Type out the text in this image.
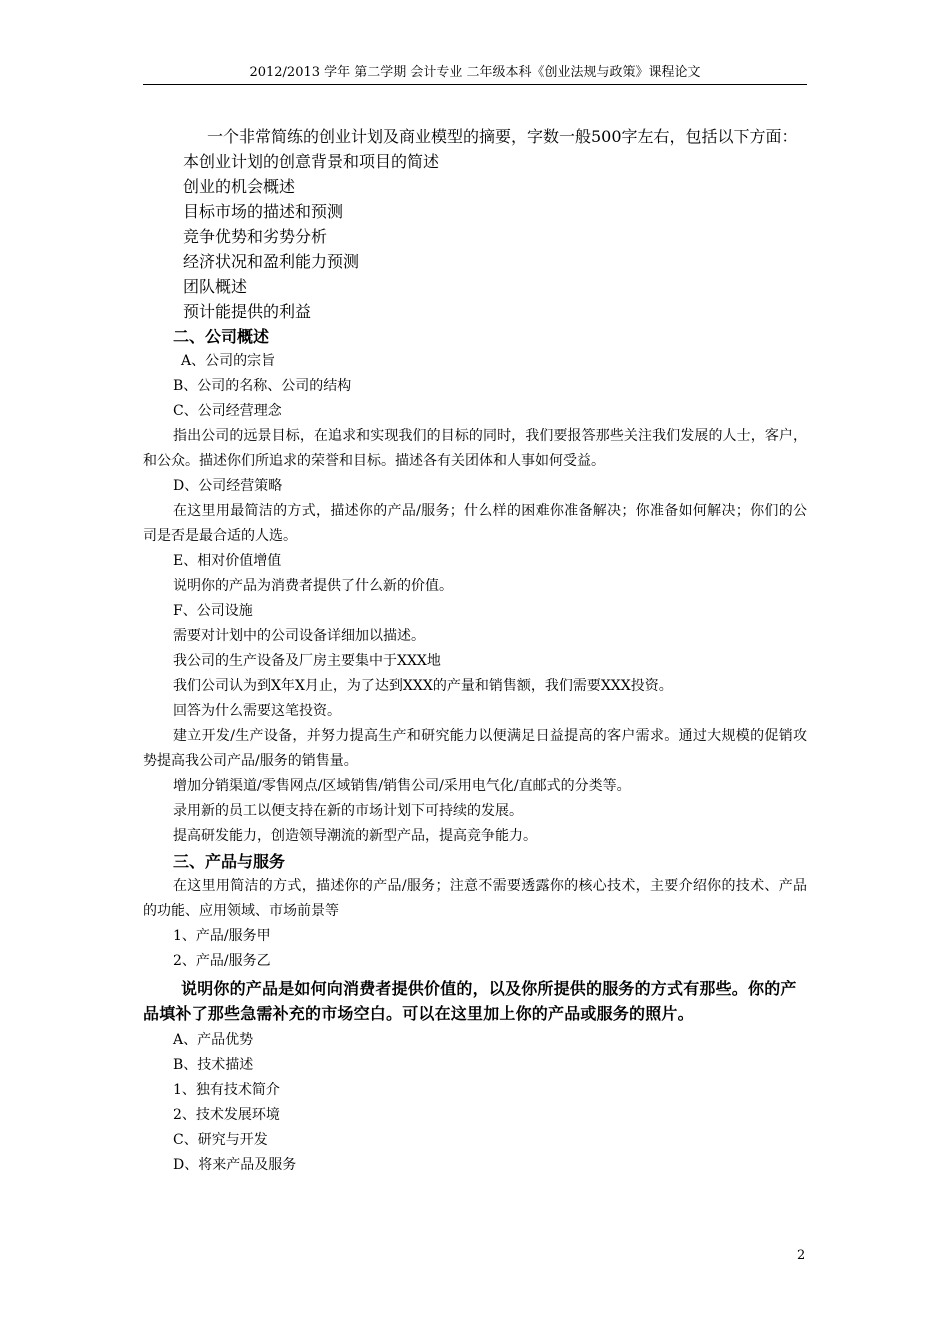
2012/2013 学年 第二学期 会计专业 二年级本科《创业法规与政策》课程论文

一个非常简练的创业计划及商业模型的摘要，字数一般500字左右，包括以下方面：

本创业计划的创意背景和项目的简述

创业的机会概述

目标市场的描述和预测

竞争优势和劣势分析

经济状况和盈利能力预测

团队概述

预计能提供的利益

二、公司概述

A、公司的宗旨

B、公司的名称、公司的结构

C、公司经营理念

指出公司的远景目标，在追求和实现我们的目标的同时，我们要报答那些关注我们发展的人士，客户，和公众。描述你们所追求的荣誉和目标。描述各有关团体和人事如何受益。

D、公司经营策略

在这里用最简洁的方式，描述你的产品/服务；什么样的困难你准备解决；你准备如何解决；你们的公司是否是最合适的人选。

E、相对价值增值

说明你的产品为消费者提供了什么新的价值。

F、公司设施

需要对计划中的公司设备详细加以描述。

我公司的生产设备及厂房主要集中于XXX地

我们公司认为到X年X月止，为了达到XXX的产量和销售额，我们需要XXX投资。

回答为什么需要这笔投资。

建立开发/生产设备，并努力提高生产和研究能力以便满足日益提高的客户需求。通过大规模的促销攻势提高我公司产品/服务的销售量。

增加分销渠道/零售网点/区域销售/销售公司/采用电气化/直邮式的分类等。

录用新的员工以便支持在新的市场计划下可持续的发展。

提高研发能力，创造领导潮流的新型产品，提高竞争能力。

三、产品与服务

在这里用简洁的方式，描述你的产品/服务；注意不需要透露你的核心技术，主要介绍你的技术、产品的功能、应用领域、市场前景等

1、产品/服务甲

2、产品/服务乙

说明你的产品是如何向消费者提供价值的，以及你所提供的服务的方式有那些。你的产品填补了那些急需补充的市场空白。可以在这里加上你的产品或服务的照片。

A、产品优势

B、技术描述

1、独有技术简介

2、技术发展环境

C、研究与开发

D、将来产品及服务

2
